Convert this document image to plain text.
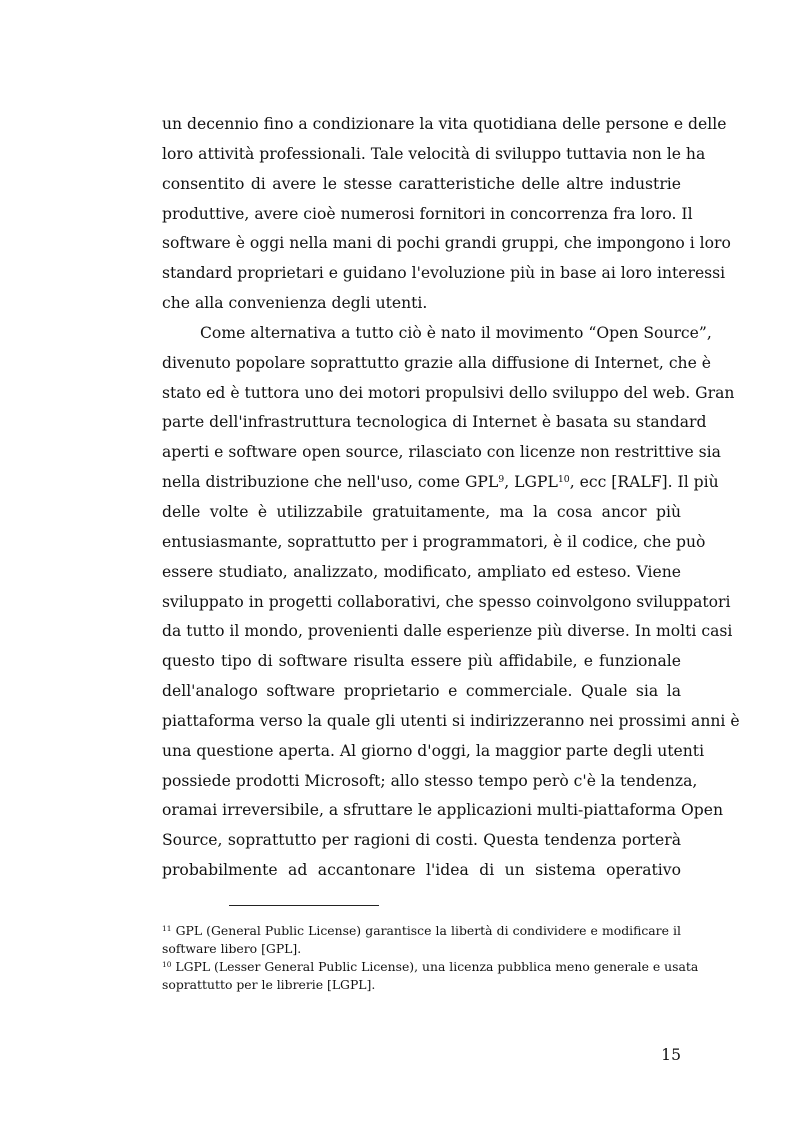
un decennio fino a condizionare la vita quotidiana delle persone e delle
loro attività professionali. Tale velocità di sviluppo tuttavia non le ha
consentito di avere le stesse caratteristiche delle altre industrie
produttive, avere cioè numerosi fornitori in concorrenza fra loro. Il
software è oggi nella mani di pochi grandi gruppi, che impongono i loro
standard proprietari e guidano l'evoluzione più in base ai loro interessi
che alla convenienza degli utenti.

Come alternativa a tutto ciò è nato il movimento “Open Source”,
divenuto popolare soprattutto grazie alla diffusione di Internet, che è
stato ed è tuttora uno dei motori propulsivi dello sviluppo del web. Gran
parte dell'infrastruttura tecnologica di Internet è basata su standard
aperti e software open source, rilasciato con licenze non restrittive sia
nella distribuzione che nell'uso, come GPL$^9$, LGPL$^{10}$, ecc [RALF]. Il più
delle volte è utilizzabile gratuitamente, ma la cosa ancor più
entusiasmante, soprattutto per i programmatori, è il codice, che può
essere studiato, analizzato, modificato, ampliato ed esteso. Viene
sviluppato in progetti collaborativi, che spesso coinvolgono sviluppatori
da tutto il mondo, provenienti dalle esperienze più diverse. In molti casi
questo tipo di software risulta essere più affidabile, e funzionale
dell'analogo software proprietario e commerciale. Quale sia la
piattaforma verso la quale gli utenti si indirizzeranno nei prossimi anni è
una questione aperta. Al giorno d'oggi, la maggior parte degli utenti
possiede prodotti Microsoft; allo stesso tempo però c'è la tendenza,
oramai irreversibile, a sfruttare le applicazioni multi-piattaforma Open
Source, soprattutto per ragioni di costi. Questa tendenza porterà
probabilmente ad accantonare l'idea di un sistema operativo

$^{11}$ GPL (General Public License) garantisce la libertà di condividere e modificare il
software libero [GPL].
$^{10}$ LGPL (Lesser General Public License), una licenza pubblica meno generale e usata
soprattutto per le librerie [LGPL].
15
